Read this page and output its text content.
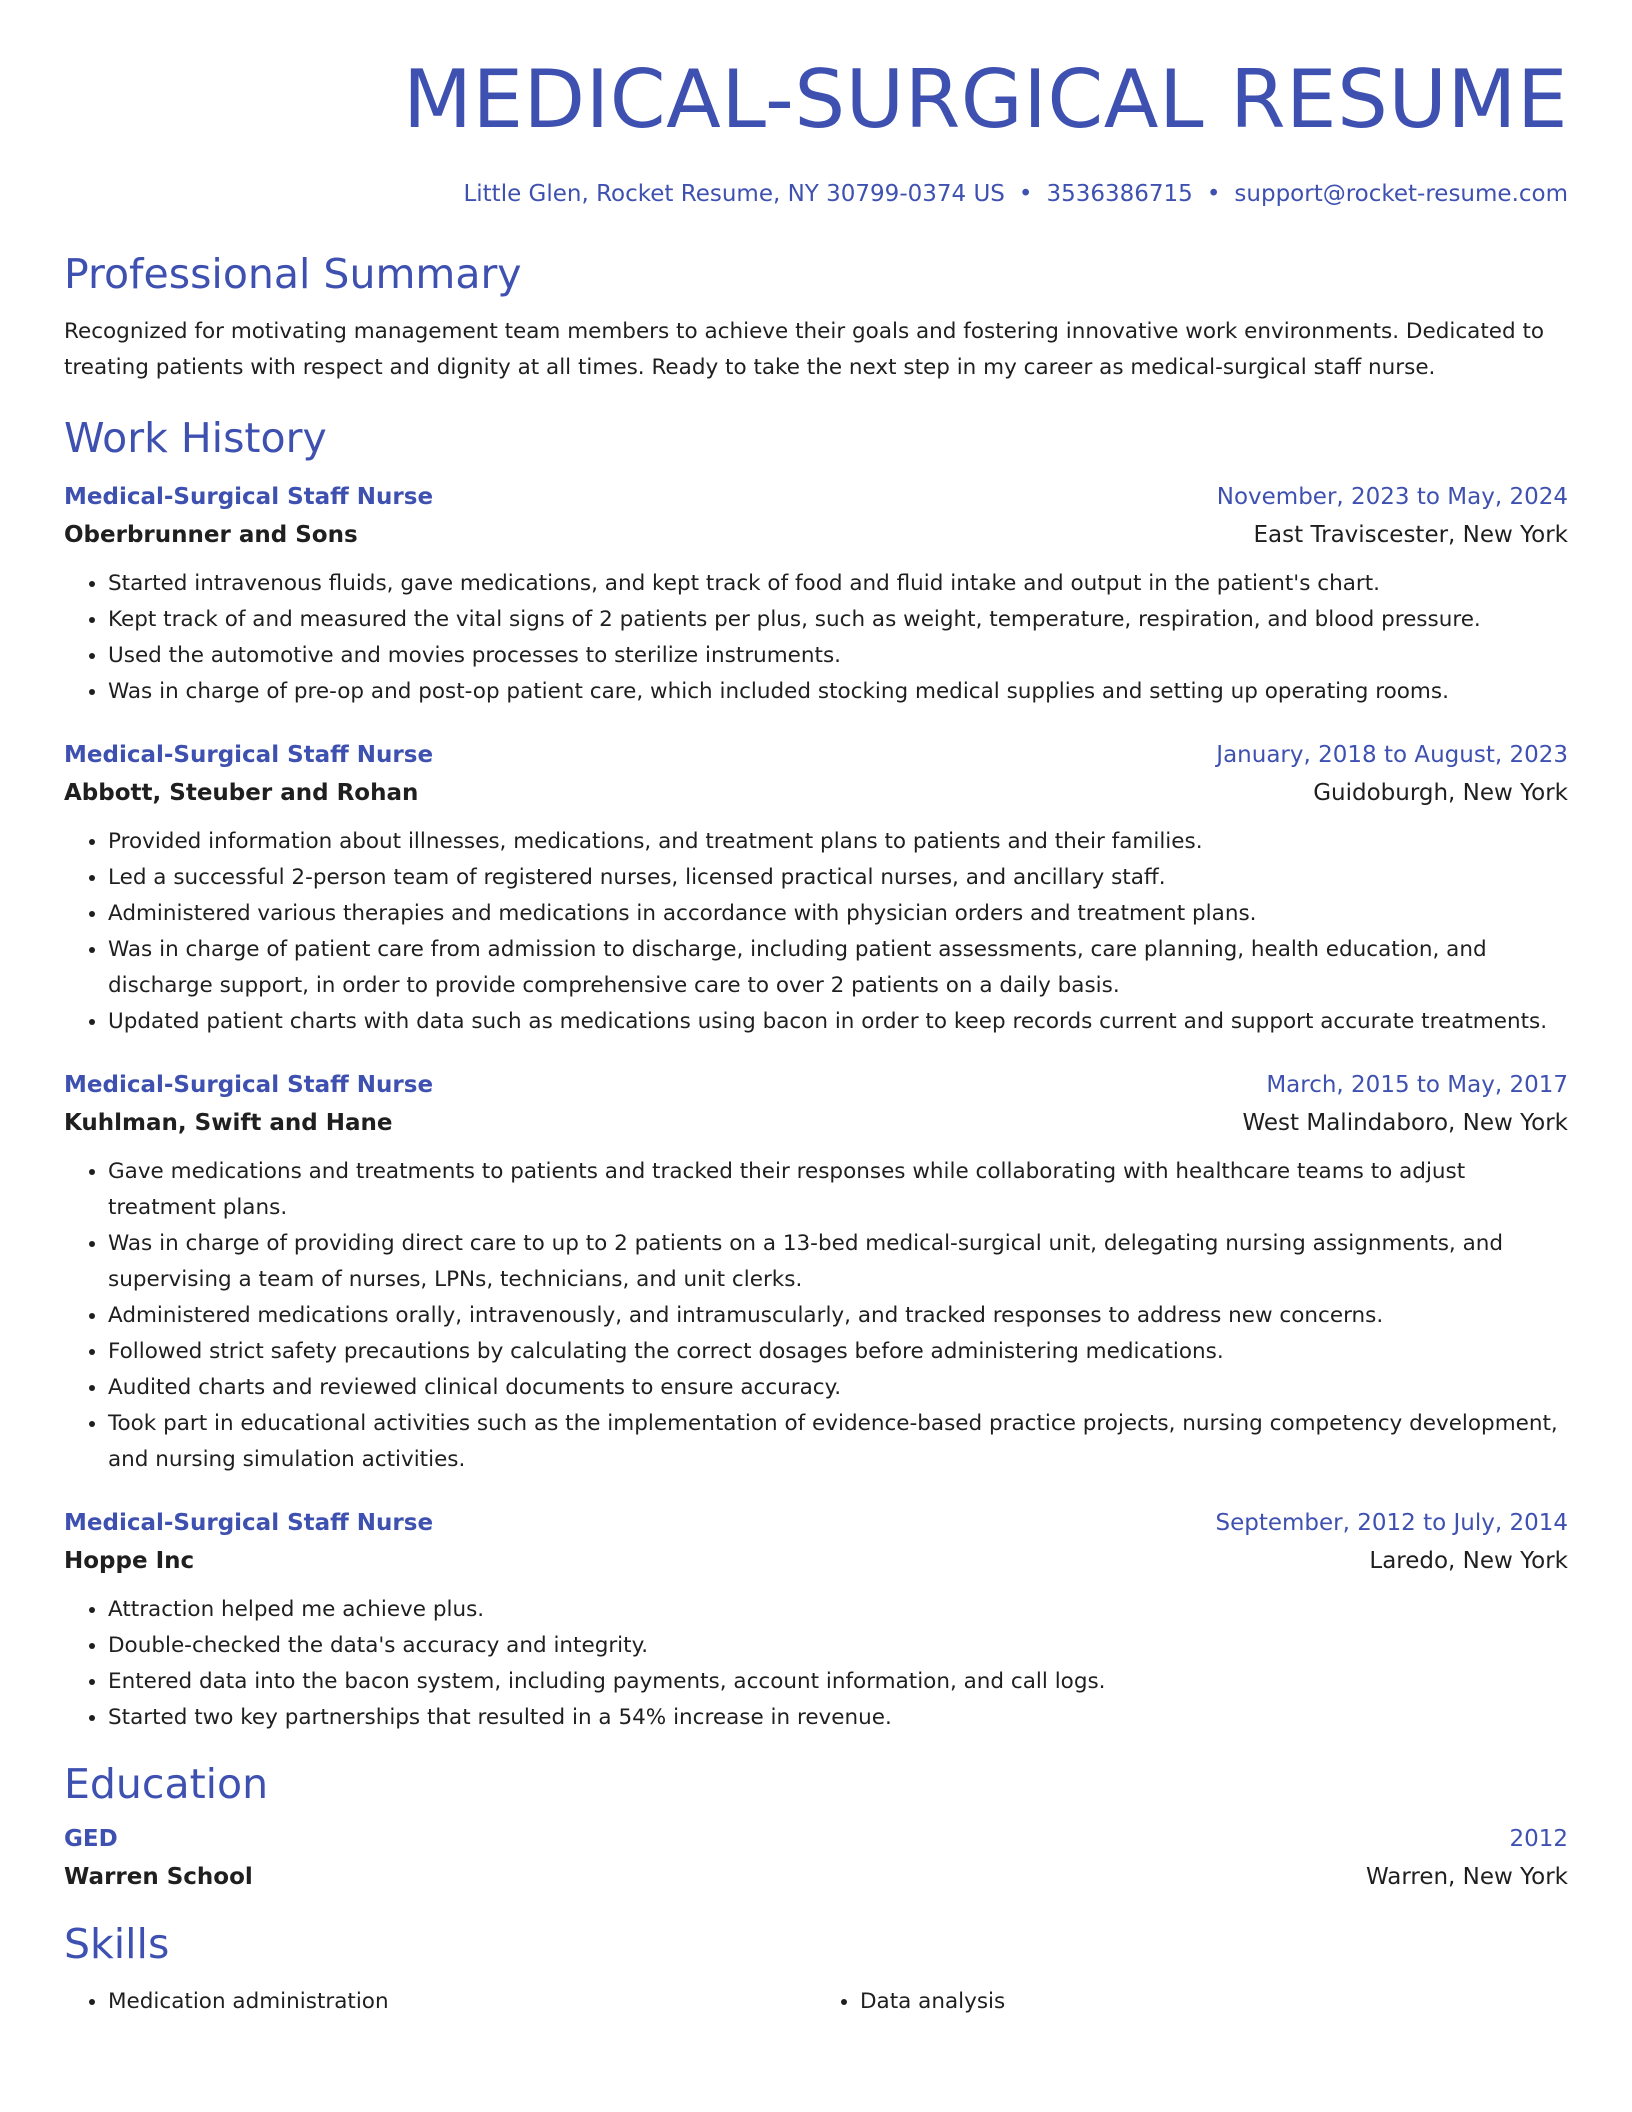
MEDICAL-SURGICAL RESUME
Little Glen, Rocket Resume, NY 30799-0374 US • 3536386715 • support@rocket-resume.com
Professional Summary
Recognized for motivating management team members to achieve their goals and fostering innovative work environments. Dedicated to treating patients with respect and dignity at all times. Ready to take the next step in my career as medical-surgical staff nurse.
Work History
Medical-Surgical Staff Nurse	November, 2023 to May, 2024
Oberbrunner and Sons	East Traviscester, New York
• Started intravenous fluids, gave medications, and kept track of food and fluid intake and output in the patient's chart.
• Kept track of and measured the vital signs of 2 patients per plus, such as weight, temperature, respiration, and blood pressure.
• Used the automotive and movies processes to sterilize instruments.
• Was in charge of pre-op and post-op patient care, which included stocking medical supplies and setting up operating rooms.
Medical-Surgical Staff Nurse	January, 2018 to August, 2023
Abbott, Steuber and Rohan	Guidoburgh, New York
• Provided information about illnesses, medications, and treatment plans to patients and their families.
• Led a successful 2-person team of registered nurses, licensed practical nurses, and ancillary staff.
• Administered various therapies and medications in accordance with physician orders and treatment plans.
• Was in charge of patient care from admission to discharge, including patient assessments, care planning, health education, and discharge support, in order to provide comprehensive care to over 2 patients on a daily basis.
• Updated patient charts with data such as medications using bacon in order to keep records current and support accurate treatments.
Medical-Surgical Staff Nurse	March, 2015 to May, 2017
Kuhlman, Swift and Hane	West Malindaboro, New York
• Gave medications and treatments to patients and tracked their responses while collaborating with healthcare teams to adjust treatment plans.
• Was in charge of providing direct care to up to 2 patients on a 13-bed medical-surgical unit, delegating nursing assignments, and supervising a team of nurses, LPNs, technicians, and unit clerks.
• Administered medications orally, intravenously, and intramuscularly, and tracked responses to address new concerns.
• Followed strict safety precautions by calculating the correct dosages before administering medications.
• Audited charts and reviewed clinical documents to ensure accuracy.
• Took part in educational activities such as the implementation of evidence-based practice projects, nursing competency development, and nursing simulation activities.
Medical-Surgical Staff Nurse	September, 2012 to July, 2014
Hoppe Inc	Laredo, New York
• Attraction helped me achieve plus.
• Double-checked the data's accuracy and integrity.
• Entered data into the bacon system, including payments, account information, and call logs.
• Started two key partnerships that resulted in a 54% increase in revenue.
Education
GED	2012
Warren School	Warren, New York
Skills
• Medication administration
•	Data analysis
